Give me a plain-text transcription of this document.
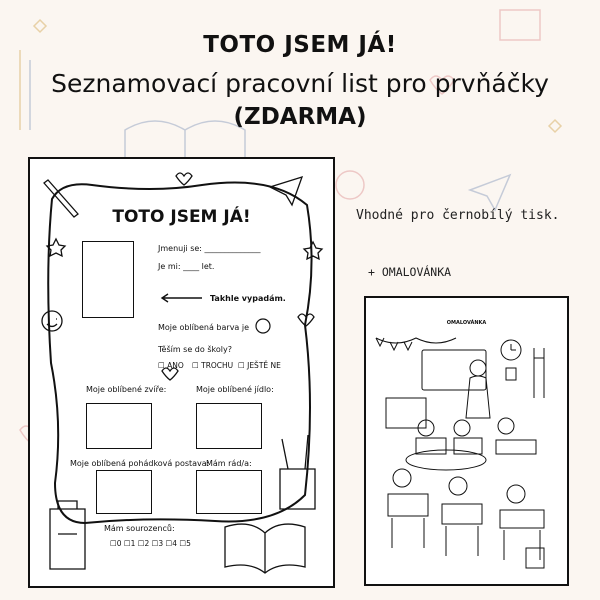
TOTO JSEM JÁ!
Seznamovací pracovní list pro prvňáčky
(ZDARMA)
Vhodné pro černobílý tisk.
+ OMALOVÁNKA
TOTO JSEM JÁ!
Jmenuji se: ______________
Je mi: ____ let.
Takhle vypadám.
Moje oblíbená barva je
Těším se do školy?
☐ ANO ☐ TROCHU ☐ JEŠTĚ NE
Moje oblíbené zvíře:	Moje oblíbené jídlo:
Moje oblíbená pohádková postava:
Mám rád/a:
Mám sourozenců:
☐0 ☐1 ☐2 ☐3 ☐4 ☐5
OMALOVÁNKA
